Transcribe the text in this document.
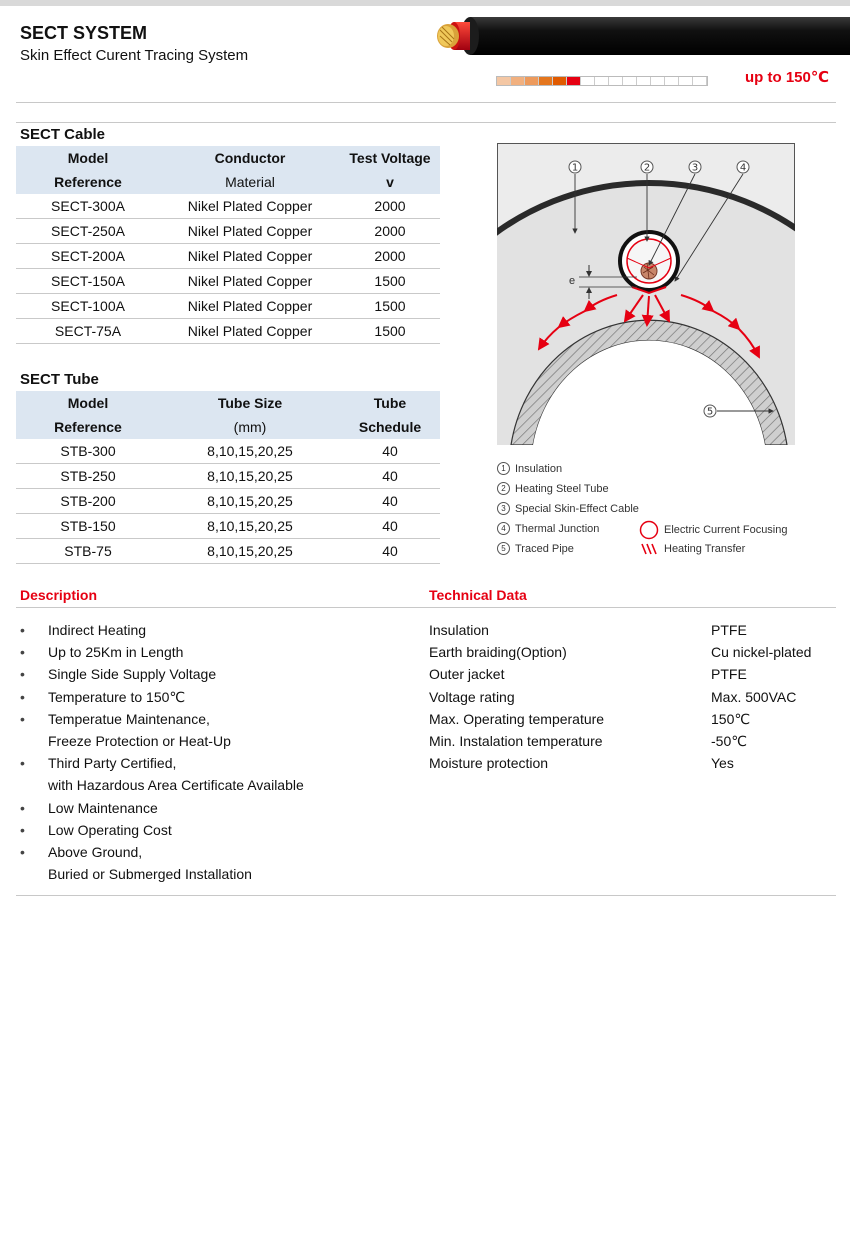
SECT SYSTEM
Skin Effect Curent Tracing System
up to 150℃
SECT Cable
Model	Conductor	Test Voltage
Reference	Material	v
SECT-300A	Nikel Plated Copper	2000
SECT-250A	Nikel Plated Copper	2000
SECT-200A	Nikel Plated Copper	2000
SECT-150A	Nikel Plated Copper	1500
SECT-100A	Nikel Plated Copper	1500
SECT-75A	Nikel Plated Copper	1500
SECT Tube
Model	Tube Size	Tube
Reference	(mm)	Schedule
STB-300	8,10,15,20,25	40
STB-250	8,10,15,20,25	40
STB-200	8,10,15,20,25	40
STB-150	8,10,15,20,25	40
STB-75	8,10,15,20,25	40
e
1	2	3	4
5
1 Insulation
2 Heating Steel Tube
3 Special Skin-Effect Cable
4 Thermal Junction
5 Traced Pipe
Electric Current Focusing
Heating Transfer
Description	Technical Data
• Indirect Heating
• Up to 25Km in Length
• Single Side Supply Voltage
• Temperature to 150℃
• Temperatue Maintenance,
Freeze Protection or Heat-Up
• Third Party Certified,
with Hazardous Area Certificate Available
• Low Maintenance
• Low Operating Cost
• Above Ground,
Buried or Submerged Installation
Insulation	PTFE
Earth braiding(Option)	Cu nickel-plated
Outer jacket	PTFE
Voltage rating	Max. 500VAC
Max. Operating temperature	150℃
Min. Instalation temperature	-50℃
Moisture protection	Yes
